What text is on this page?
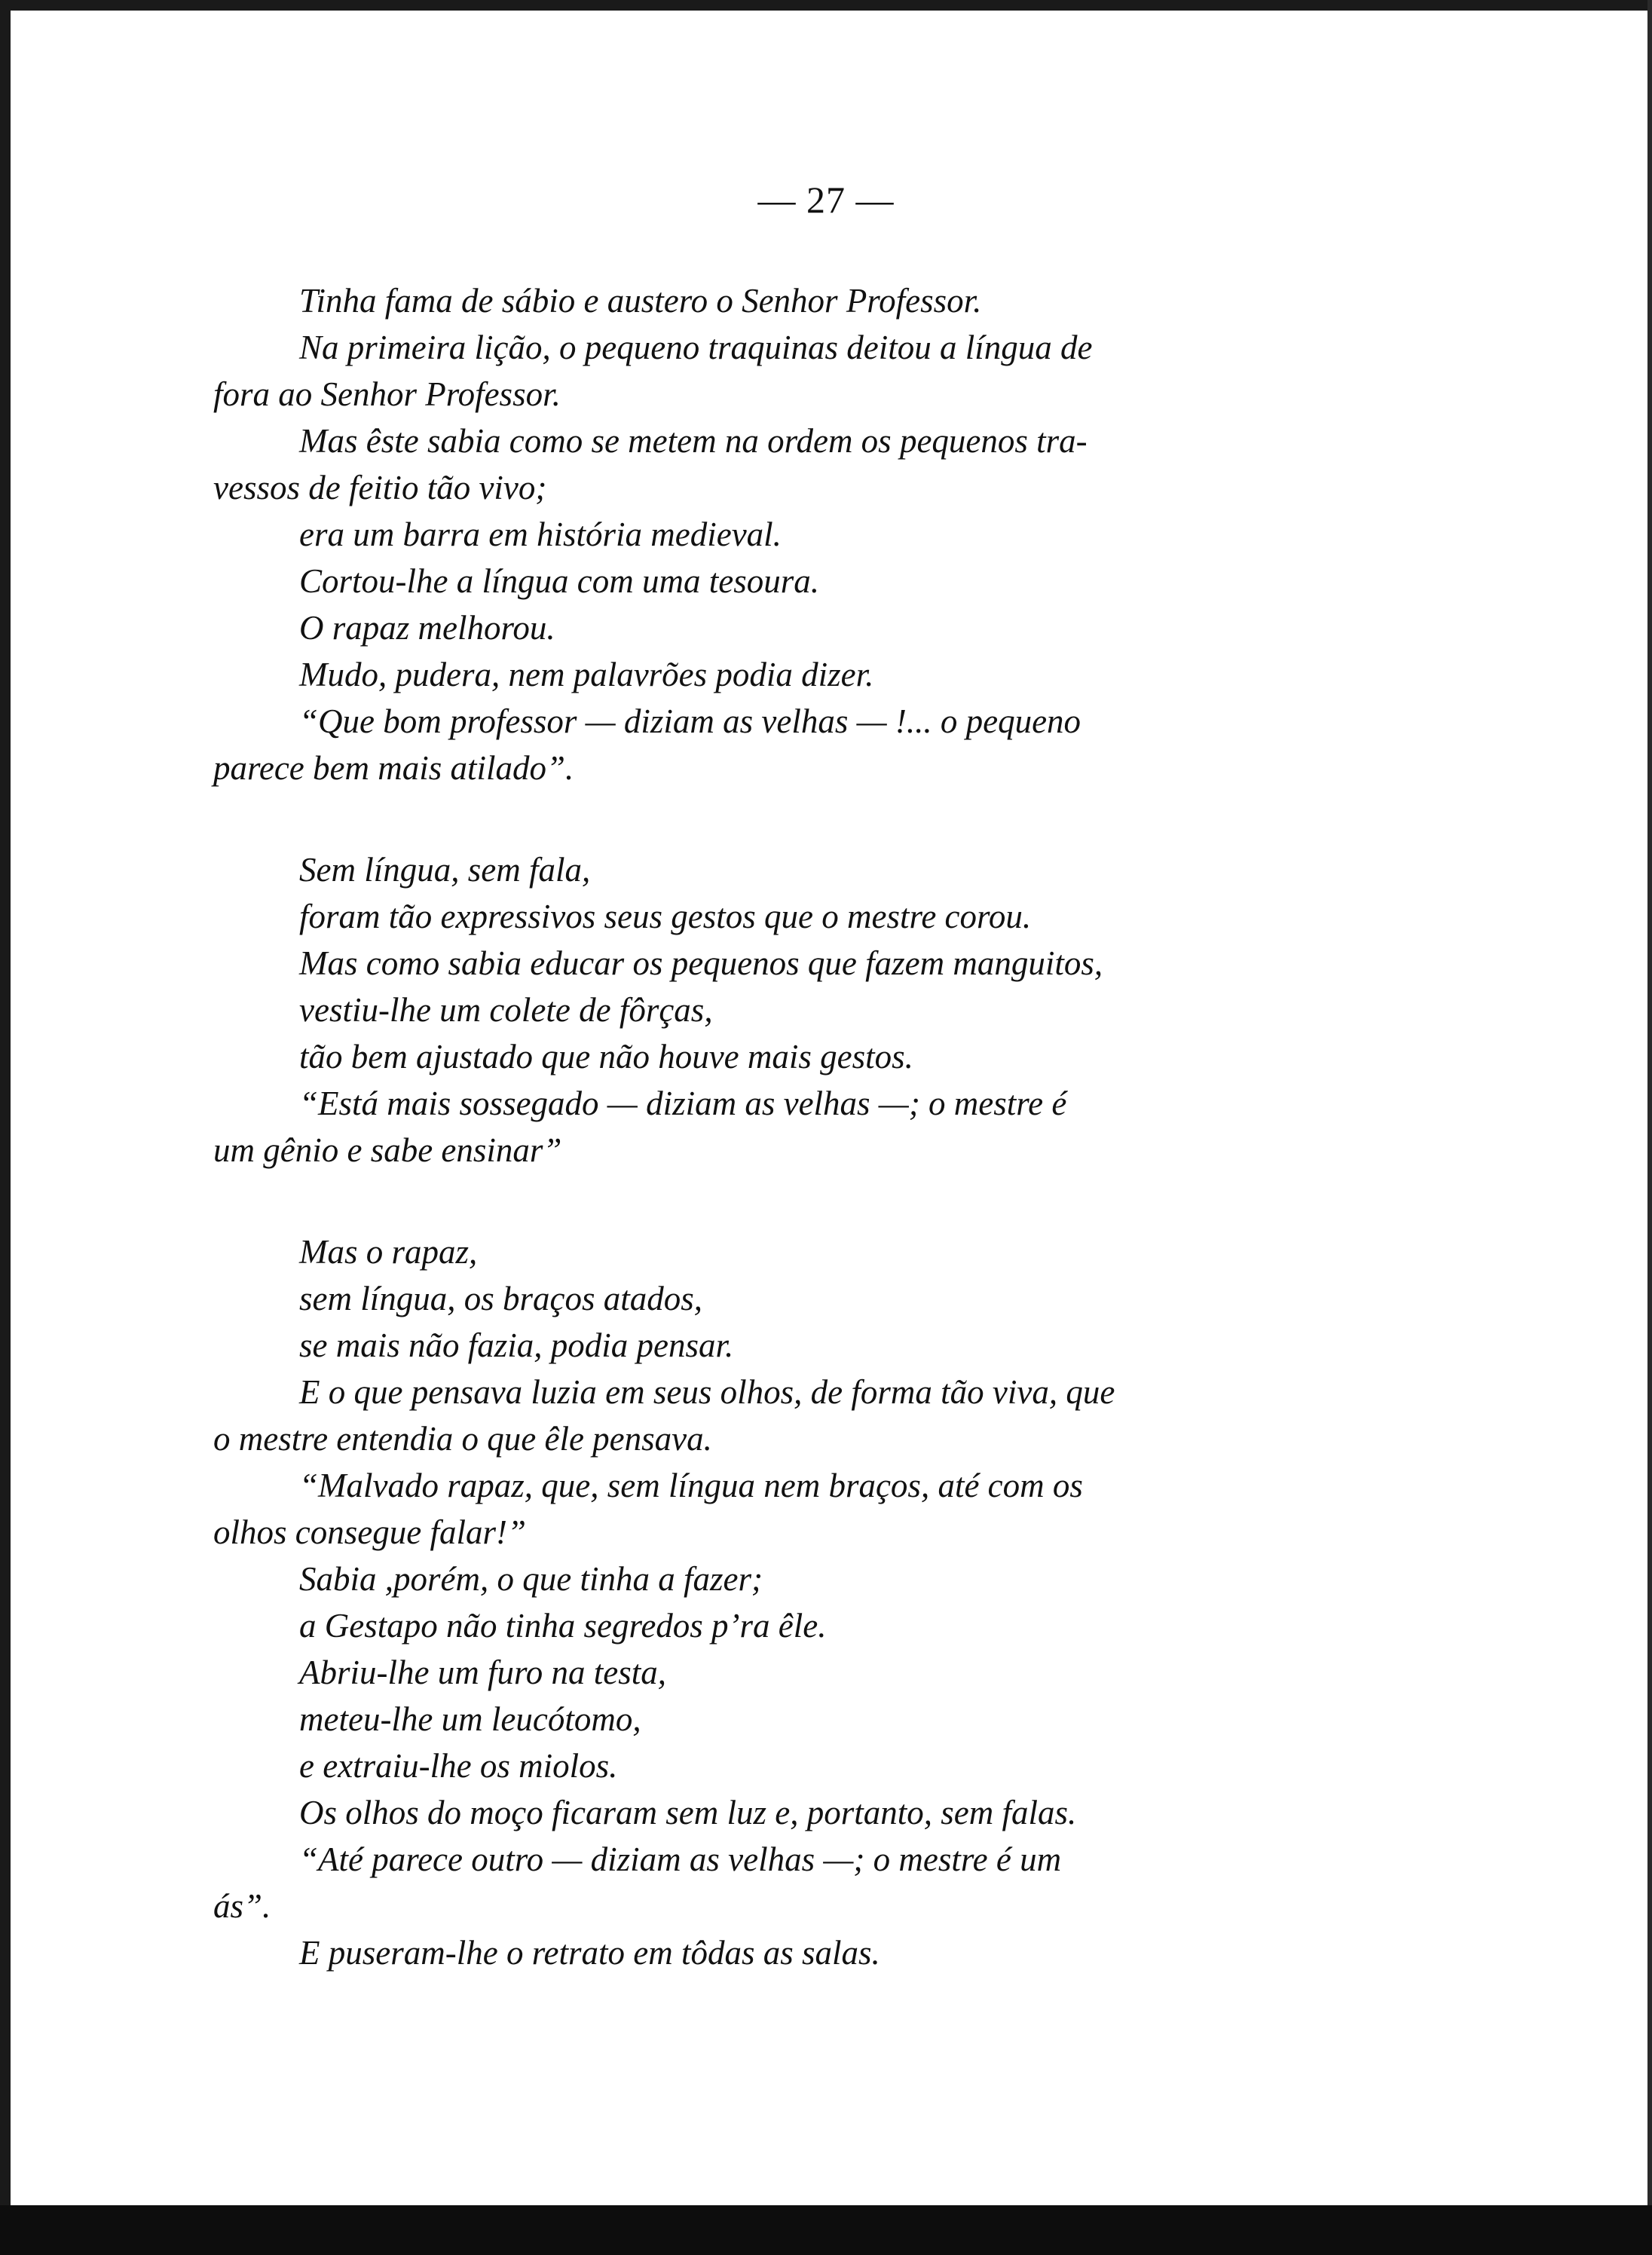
— 27 —
Tinha fama de sábio e austero o Senhor Professor.
Na primeira lição, o pequeno traquinas deitou a língua de
fora ao Senhor Professor.
Mas êste sabia como se metem na ordem os pequenos tra-
vessos de feitio tão vivo;
era um barra em história medieval.
Cortou-lhe a língua com uma tesoura.
O rapaz melhorou.
Mudo, pudera, nem palavrões podia dizer.
“Que bom professor — diziam as velhas — !... o pequeno
parece bem mais atilado”.
Sem língua, sem fala,
foram tão expressivos seus gestos que o mestre corou.
Mas como sabia educar os pequenos que fazem manguitos,
vestiu-lhe um colete de fôrças,
tão bem ajustado que não houve mais gestos.
“Está mais sossegado — diziam as velhas —; o mestre é
um gênio e sabe ensinar”
Mas o rapaz,
sem língua, os braços atados,
se mais não fazia, podia pensar.
E o que pensava luzia em seus olhos, de forma tão viva, que
o mestre entendia o que êle pensava.
“Malvado rapaz, que, sem língua nem braços, até com os
olhos consegue falar!”
Sabia ,porém, o que tinha a fazer;
a Gestapo não tinha segredos p’ra êle.
Abriu-lhe um furo na testa,
meteu-lhe um leucótomo,
e extraiu-lhe os miolos.
Os olhos do moço ficaram sem luz e, portanto, sem falas.
“Até parece outro — diziam as velhas —; o mestre é um
ás”.
E puseram-lhe o retrato em tôdas as salas.
